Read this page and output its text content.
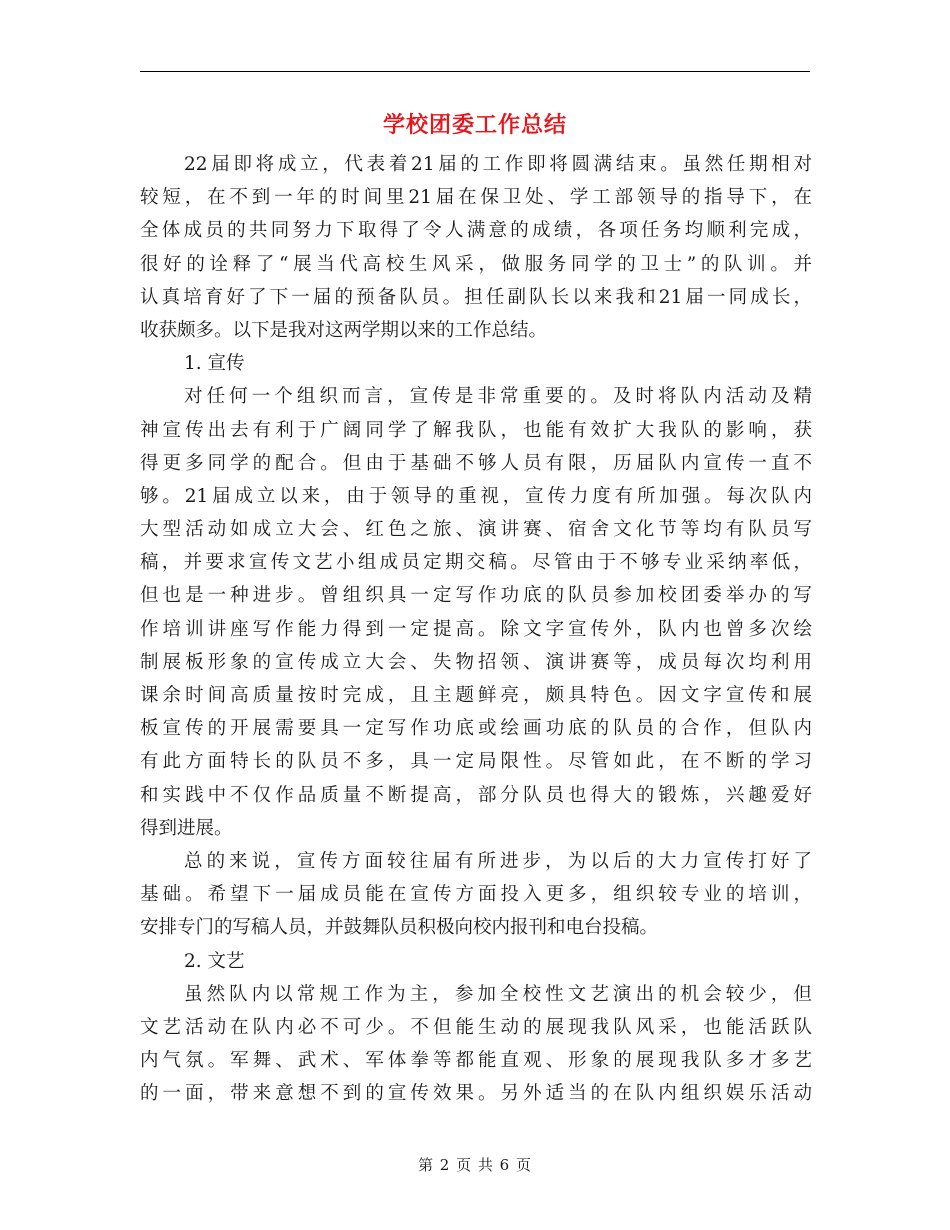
学校团委工作总结
22届即将成立，代表着21届的工作即将圆满结束。虽然任期相对
较短，在不到一年的时间里21届在保卫处、学工部领导的指导下，在
全体成员的共同努力下取得了令人满意的成绩，各项任务均顺利完成，
很好的诠释了“展当代高校生风采，做服务同学的卫士”的队训。并
认真培育好了下一届的预备队员。担任副队长以来我和21届一同成长，
收获颇多。以下是我对这两学期以来的工作总结。
1. 宣传
对任何一个组织而言，宣传是非常重要的。及时将队内活动及精
神宣传出去有利于广阔同学了解我队，也能有效扩大我队的影响，获
得更多同学的配合。但由于基础不够人员有限，历届队内宣传一直不
够。21届成立以来，由于领导的重视，宣传力度有所加强。每次队内
大型活动如成立大会、红色之旅、演讲赛、宿舍文化节等均有队员写
稿，并要求宣传文艺小组成员定期交稿。尽管由于不够专业采纳率低，
但也是一种进步。曾组织具一定写作功底的队员参加校团委举办的写
作培训讲座写作能力得到一定提高。除文字宣传外，队内也曾多次绘
制展板形象的宣传成立大会、失物招领、演讲赛等，成员每次均利用
课余时间高质量按时完成，且主题鲜亮，颇具特色。因文字宣传和展
板宣传的开展需要具一定写作功底或绘画功底的队员的合作，但队内
有此方面特长的队员不多，具一定局限性。尽管如此，在不断的学习
和实践中不仅作品质量不断提高，部分队员也得大的锻炼，兴趣爱好
得到进展。
总的来说，宣传方面较往届有所进步，为以后的大力宣传打好了
基础。希望下一届成员能在宣传方面投入更多，组织较专业的培训，
安排专门的写稿人员，并鼓舞队员积极向校内报刊和电台投稿。
2. 文艺
虽然队内以常规工作为主，参加全校性文艺演出的机会较少，但
文艺活动在队内必不可少。不但能生动的展现我队风采，也能活跃队
内气氛。军舞、武术、军体拳等都能直观、形象的展现我队多才多艺
的一面，带来意想不到的宣传效果。另外适当的在队内组织娱乐活动
第 2 页 共 6 页
